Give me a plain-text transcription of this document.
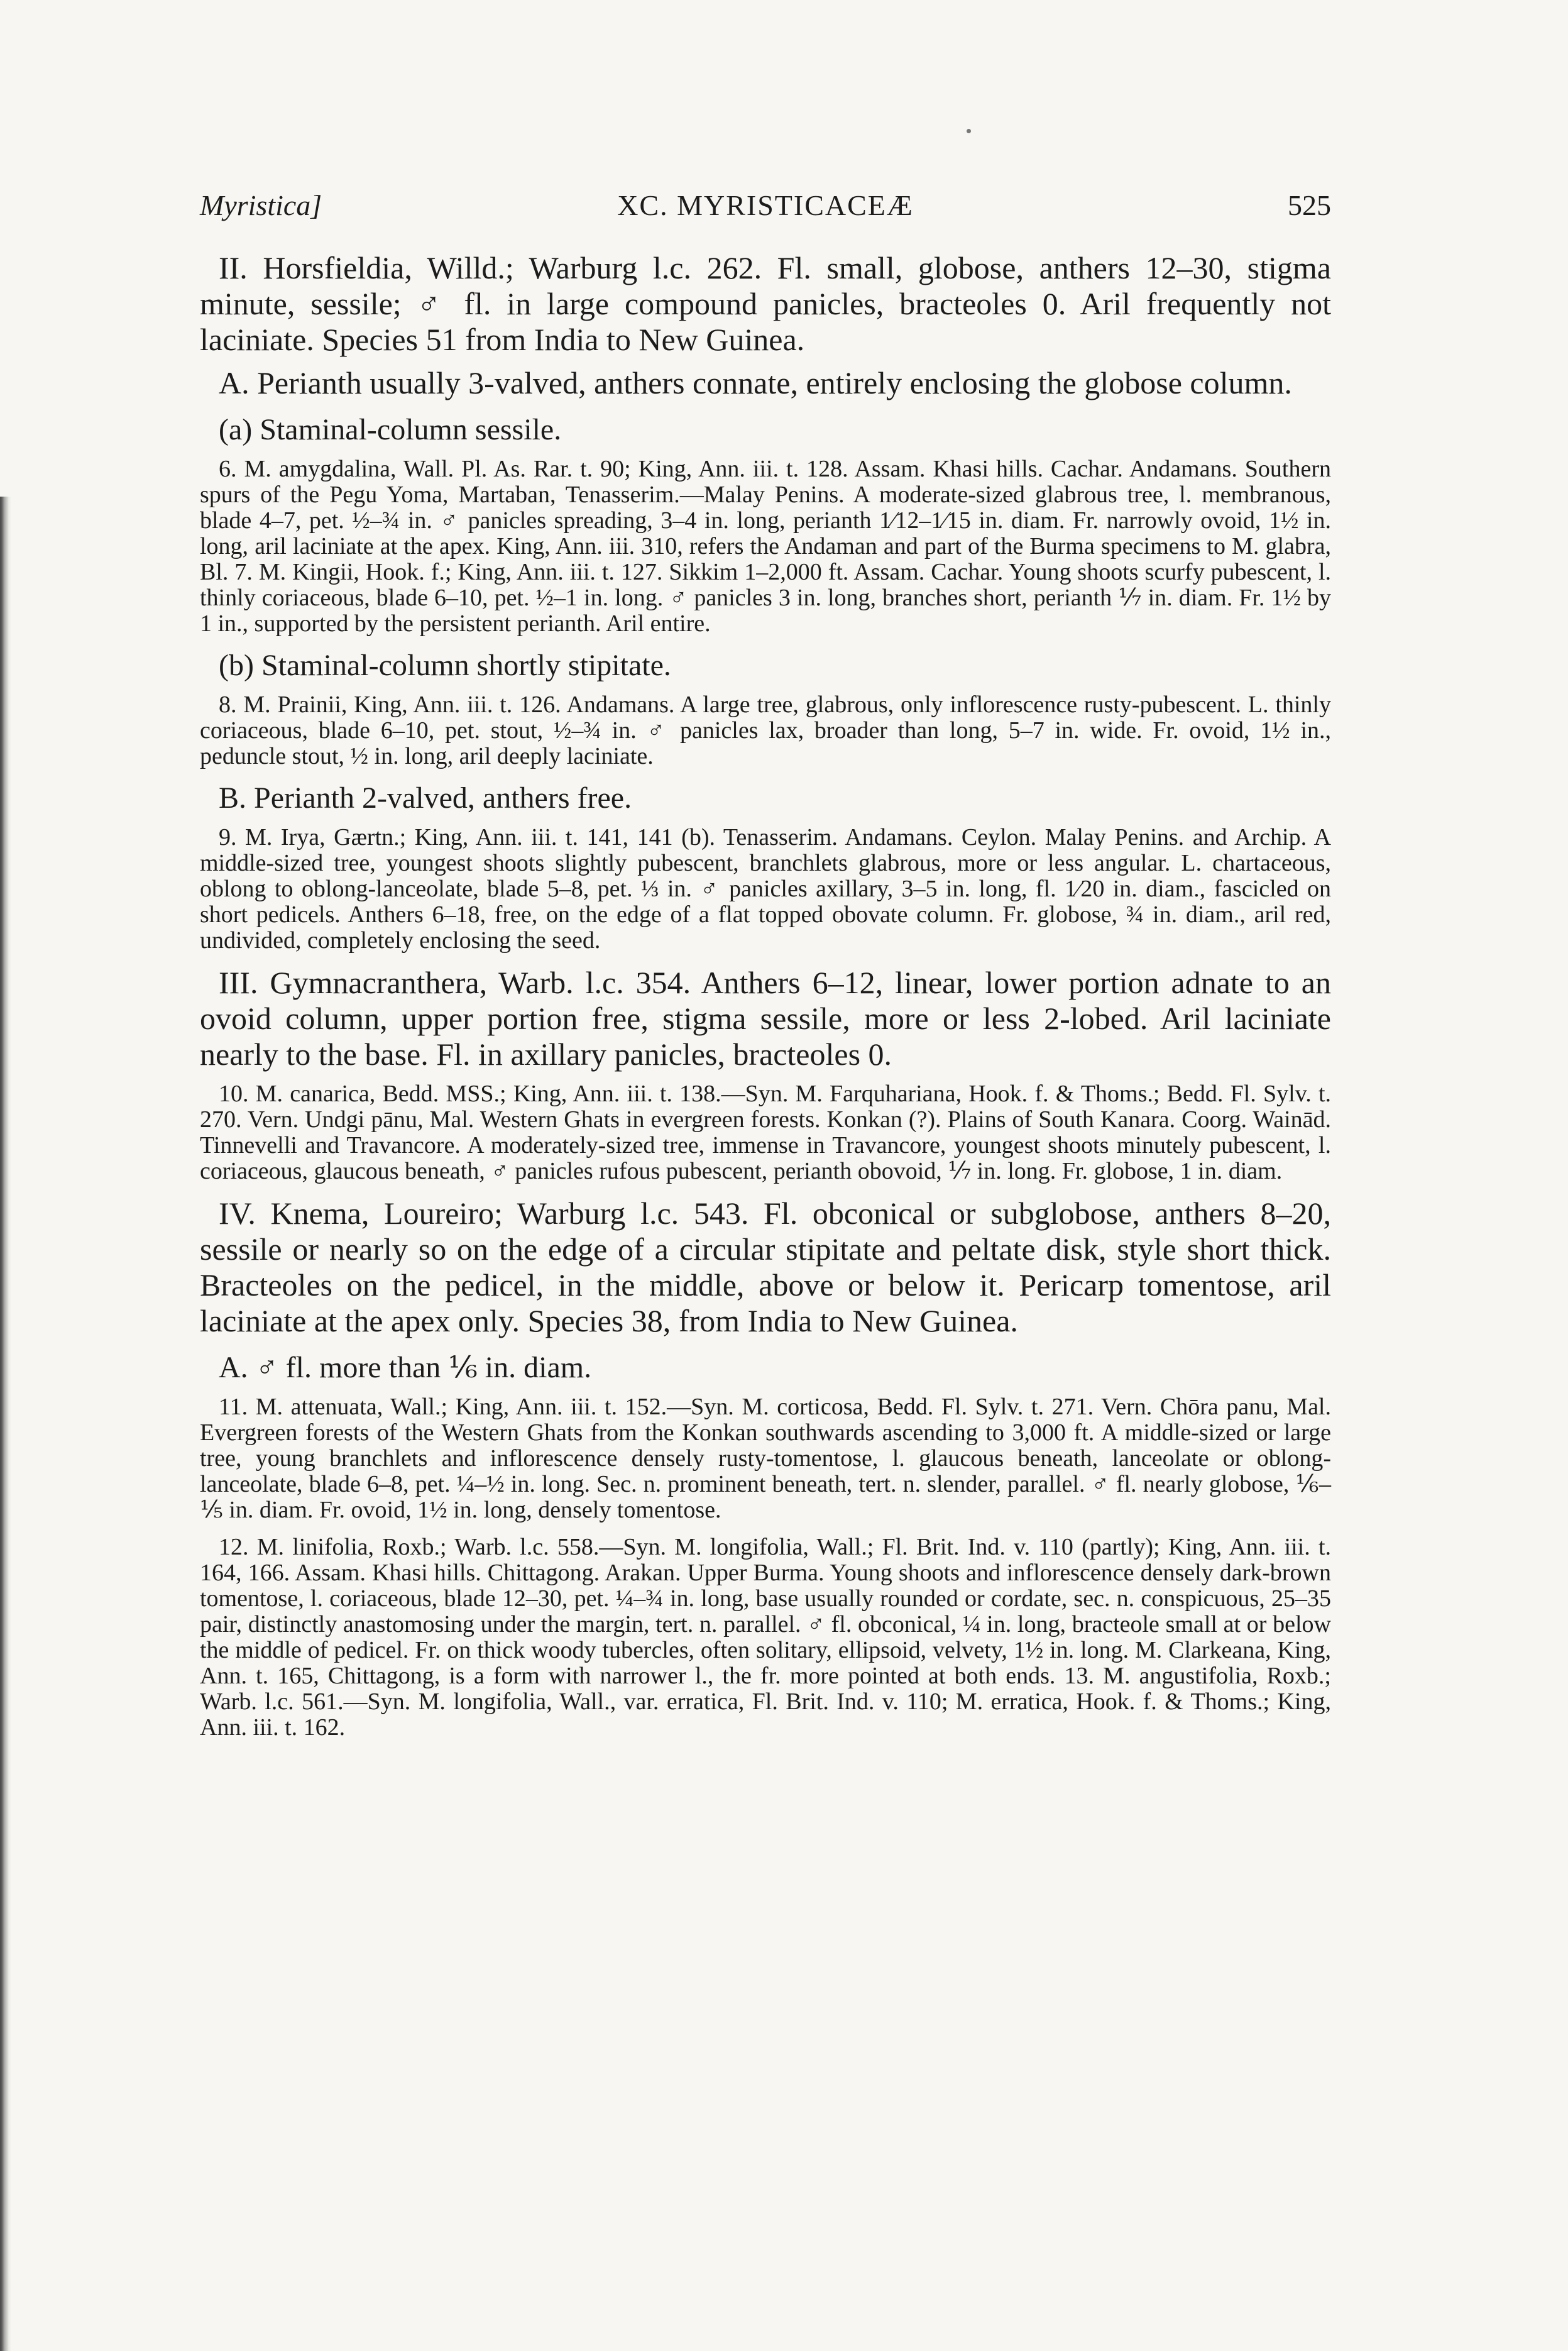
Myristica]	XC. MYRISTICACEÆ	525

II. Horsfieldia, Willd.; Warburg l.c. 262. Fl. small, globose, anthers 12–30, stigma minute, sessile; ♂ fl. in large compound panicles, bracteoles 0. Aril frequently not laciniate. Species 51 from India to New Guinea.

A. Perianth usually 3-valved, anthers connate, entirely enclosing the globose column.

(a) Staminal-column sessile.

6. M. amygdalina, Wall. Pl. As. Rar. t. 90; King, Ann. iii. t. 128. Assam. Khasi hills. Cachar. Andamans. Southern spurs of the Pegu Yoma, Martaban, Tenasserim.—Malay Penins. A moderate-sized glabrous tree, l. membranous, blade 4–7, pet. ½–¾ in. ♂ panicles spreading, 3–4 in. long, perianth 1⁄12–1⁄15 in. diam. Fr. narrowly ovoid, 1½ in. long, aril laciniate at the apex. King, Ann. iii. 310, refers the Andaman and part of the Burma specimens to M. glabra, Bl. 7. M. Kingii, Hook. f.; King, Ann. iii. t. 127. Sikkim 1–2,000 ft. Assam. Cachar. Young shoots scurfy pubescent, l. thinly coriaceous, blade 6–10, pet. ½–1 in. long. ♂ panicles 3 in. long, branches short, perianth ⅐ in. diam. Fr. 1½ by 1 in., supported by the persistent perianth. Aril entire.

(b) Staminal-column shortly stipitate.

8. M. Prainii, King, Ann. iii. t. 126. Andamans. A large tree, glabrous, only inflorescence rusty-pubescent. L. thinly coriaceous, blade 6–10, pet. stout, ½–¾ in. ♂ panicles lax, broader than long, 5–7 in. wide. Fr. ovoid, 1½ in., peduncle stout, ½ in. long, aril deeply laciniate.

B. Perianth 2-valved, anthers free.

9. M. Irya, Gærtn.; King, Ann. iii. t. 141, 141 (b). Tenasserim. Andamans. Ceylon. Malay Penins. and Archip. A middle-sized tree, youngest shoots slightly pubescent, branchlets glabrous, more or less angular. L. chartaceous, oblong to oblong-lanceolate, blade 5–8, pet. ⅓ in. ♂ panicles axillary, 3–5 in. long, fl. 1⁄20 in. diam., fascicled on short pedicels. Anthers 6–18, free, on the edge of a flat topped obovate column. Fr. globose, ¾ in. diam., aril red, undivided, completely enclosing the seed.

III. Gymnacranthera, Warb. l.c. 354. Anthers 6–12, linear, lower portion adnate to an ovoid column, upper portion free, stigma sessile, more or less 2-lobed. Aril laciniate nearly to the base. Fl. in axillary panicles, bracteoles 0.

10. M. canarica, Bedd. MSS.; King, Ann. iii. t. 138.—Syn. M. Farquhariana, Hook. f. & Thoms.; Bedd. Fl. Sylv. t. 270. Vern. Undgi pānu, Mal. Western Ghats in evergreen forests. Konkan (?). Plains of South Kanara. Coorg. Wainād. Tinnevelli and Travancore. A moderately-sized tree, immense in Travancore, youngest shoots minutely pubescent, l. coriaceous, glaucous beneath, ♂ panicles rufous pubescent, perianth obovoid, ⅐ in. long. Fr. globose, 1 in. diam.

IV. Knema, Loureiro; Warburg l.c. 543. Fl. obconical or subglobose, anthers 8–20, sessile or nearly so on the edge of a circular stipitate and peltate disk, style short thick. Bracteoles on the pedicel, in the middle, above or below it. Pericarp tomentose, aril laciniate at the apex only. Species 38, from India to New Guinea.

A. ♂ fl. more than ⅙ in. diam.

11. M. attenuata, Wall.; King, Ann. iii. t. 152.—Syn. M. corticosa, Bedd. Fl. Sylv. t. 271. Vern. Chōra panu, Mal. Evergreen forests of the Western Ghats from the Konkan southwards ascending to 3,000 ft. A middle-sized or large tree, young branchlets and inflorescence densely rusty-tomentose, l. glaucous beneath, lanceolate or oblong-lanceolate, blade 6–8, pet. ¼–½ in. long. Sec. n. prominent beneath, tert. n. slender, parallel. ♂ fl. nearly globose, ⅙–⅕ in. diam. Fr. ovoid, 1½ in. long, densely tomentose.

12. M. linifolia, Roxb.; Warb. l.c. 558.—Syn. M. longifolia, Wall.; Fl. Brit. Ind. v. 110 (partly); King, Ann. iii. t. 164, 166. Assam. Khasi hills. Chittagong. Arakan. Upper Burma. Young shoots and inflorescence densely dark-brown tomentose, l. coriaceous, blade 12–30, pet. ¼–¾ in. long, base usually rounded or cordate, sec. n. conspicuous, 25–35 pair, distinctly anastomosing under the margin, tert. n. parallel. ♂ fl. obconical, ¼ in. long, bracteole small at or below the middle of pedicel. Fr. on thick woody tubercles, often solitary, ellipsoid, velvety, 1½ in. long. M. Clarkeana, King, Ann. t. 165, Chittagong, is a form with narrower l., the fr. more pointed at both ends. 13. M. angustifolia, Roxb.; Warb. l.c. 561.—Syn. M. longifolia, Wall., var. erratica, Fl. Brit. Ind. v. 110; M. erratica, Hook. f. & Thoms.; King, Ann. iii. t. 162.
